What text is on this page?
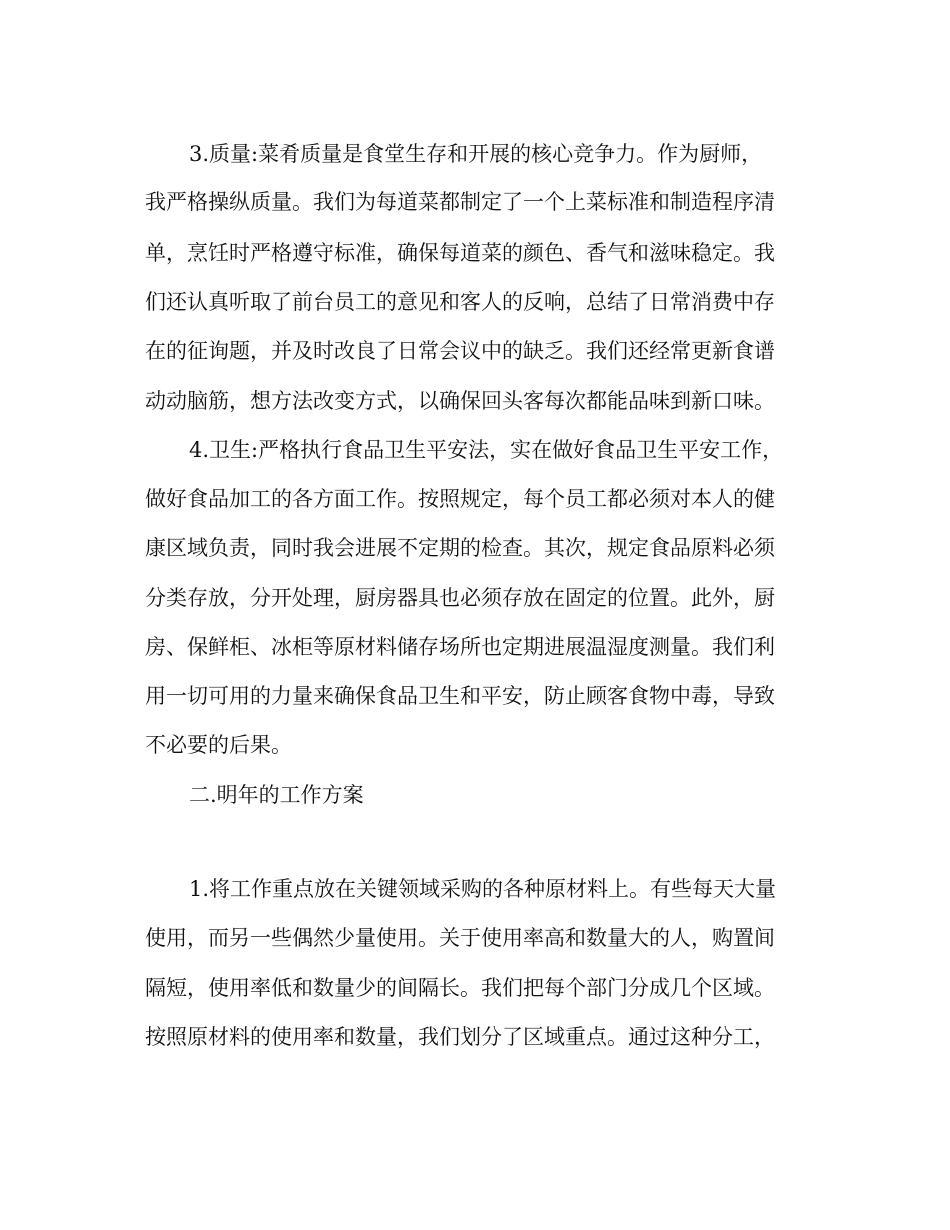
3.质量:菜肴质量是食堂生存和开展的核心竞争力。作为厨师，
我严格操纵质量。我们为每道菜都制定了一个上菜标准和制造程序清
单，烹饪时严格遵守标准，确保每道菜的颜色、香气和滋味稳定。我
们还认真听取了前台员工的意见和客人的反响，总结了日常消费中存
在的征询题，并及时改良了日常会议中的缺乏。我们还经常更新食谱
动动脑筋，想方法改变方式，以确保回头客每次都能品味到新口味。
4.卫生:严格执行食品卫生平安法，实在做好食品卫生平安工作，
做好食品加工的各方面工作。按照规定，每个员工都必须对本人的健
康区域负责，同时我会进展不定期的检查。其次，规定食品原料必须
分类存放，分开处理，厨房器具也必须存放在固定的位置。此外，厨
房、保鲜柜、冰柜等原材料储存场所也定期进展温湿度测量。我们利
用一切可用的力量来确保食品卫生和平安，防止顾客食物中毒，导致
不必要的后果。
二.明年的工作方案
1.将工作重点放在关键领域采购的各种原材料上。有些每天大量
使用，而另一些偶然少量使用。关于使用率高和数量大的人，购置间
隔短，使用率低和数量少的间隔长。我们把每个部门分成几个区域。
按照原材料的使用率和数量，我们划分了区域重点。通过这种分工，
